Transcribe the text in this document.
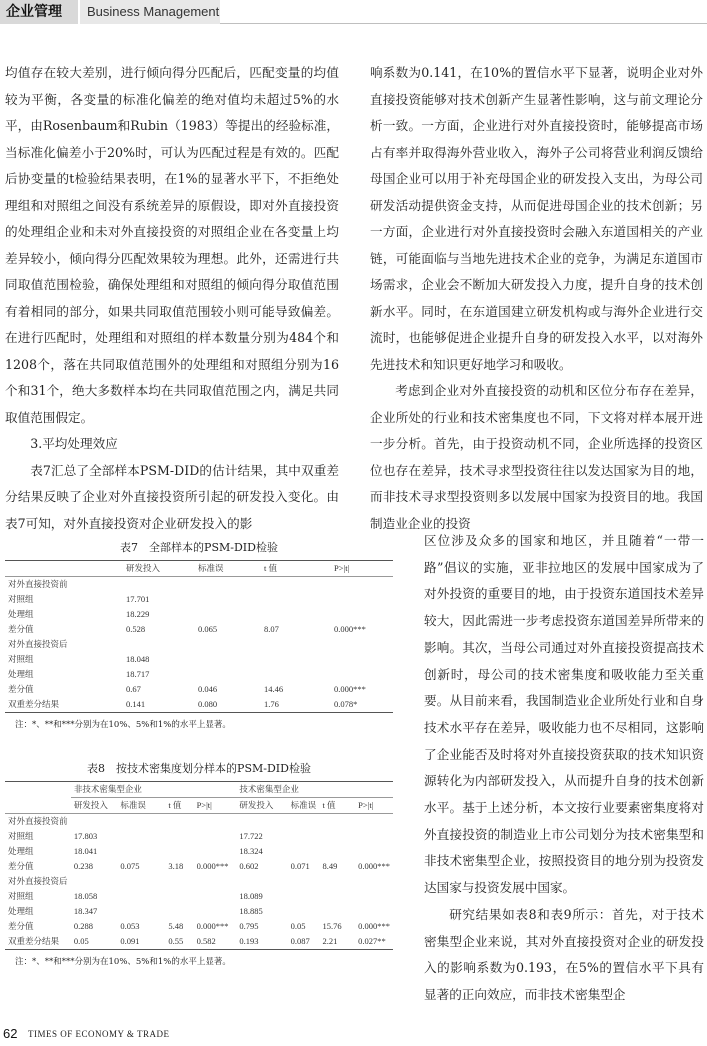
企业管理	Business Management

均值存在较大差别，进行倾向得分匹配后，匹配变量的均值较为平衡，各变量的标准化偏差的绝对值均未超过5%的水平，由Rosenbaum和Rubin（1983）等提出的经验标准，当标准化偏差小于20%时，可认为匹配过程是有效的。匹配后协变量的t检验结果表明，在1%的显著水平下，不拒绝处理组和对照组之间没有系统差异的原假设，即对外直接投资的处理组企业和未对外直接投资的对照组企业在各变量上均差异较小，倾向得分匹配效果较为理想。此外，还需进行共同取值范围检验，确保处理组和对照组的倾向得分取值范围有着相同的部分，如果共同取值范围较小则可能导致偏差。在进行匹配时，处理组和对照组的样本数量分别为484个和1208个，落在共同取值范围外的处理组和对照组分别为16个和31个，绝大多数样本均在共同取值范围之内，满足共同取值范围假定。

3.平均处理效应

表7汇总了全部样本PSM-DID的估计结果，其中双重差分结果反映了企业对外直接投资所引起的研发投入变化。由表7可知，对外直接投资对企业研发投入的影

响系数为0.141，在10%的置信水平下显著，说明企业对外直接投资能够对技术创新产生显著性影响，这与前文理论分析一致。一方面，企业进行对外直接投资时，能够提高市场占有率并取得海外营业收入，海外子公司将营业利润反馈给母国企业可以用于补充母国企业的研发投入支出，为母公司研发活动提供资金支持，从而促进母国企业的技术创新；另一方面，企业进行对外直接投资时会融入东道国相关的产业链，可能面临与当地先进技术企业的竞争，为满足东道国市场需求，企业会不断加大研发投入力度，提升自身的技术创新水平。同时，在东道国建立研发机构或与海外企业进行交流时，也能够促进企业提升自身的研发投入水平，以对海外先进技术和知识更好地学习和吸收。

考虑到企业对外直接投资的动机和区位分布存在差异，企业所处的行业和技术密集度也不同，下文将对样本展开进一步分析。首先，由于投资动机不同，企业所选择的投资区位也存在差异，技术寻求型投资往往以发达国家为目的地，而非技术寻求型投资则多以发展中国家为投资目的地。我国制造业企业的投资

区位涉及众多的国家和地区，并且随着“一带一路”倡议的实施，亚非拉地区的发展中国家成为了对外投资的重要目的地，由于投资东道国技术差异较大，因此需进一步考虑投资东道国差异所带来的影响。其次，当母公司通过对外直接投资提高技术创新时，母公司的技术密集度和吸收能力至关重要。从目前来看，我国制造业企业所处行业和自身技术水平存在差异，吸收能力也不尽相同，这影响了企业能否及时将对外直接投资获取的技术知识资源转化为内部研发投入，从而提升自身的技术创新水平。基于上述分析，本文按行业要素密集度将对外直接投资的制造业上市公司划分为技术密集型和非技术密集型企业，按照投资目的地分别为投资发达国家与投资发展中国家。

研究结果如表8和表9所示：首先，对于技术密集型企业来说，其对外直接投资对企业的研发投入的影响系数为0.193，在5%的置信水平下具有显著的正向效应，而非技术密集型企

表7　全部样本的PSM-DID检验
	研发投入	标准误	t 值	P>|t|
对外直接投资前				
对照组	17.701			
处理组	18.229			
差分值	0.528	0.065	8.07	0.000***
对外直接投资后				
对照组	18.048			
处理组	18.717			
差分值	0.67	0.046	14.46	0.000***
双重差分结果	0.141	0.080	1.76	0.078*
注：*、**和***分别为在10%、5%和1%的水平上显著。
表8　按技术密集度划分样本的PSM-DID检验
	非技术密集型企业				技术密集型企业			
	研发投入	标准误	t 值	P>|t|	研发投入	标准误	t 值	P>|t|
对外直接投资前								
对照组	17.803				17.722			
处理组	18.041				18.324			
差分值	0.238	0.075	3.18	0.000***	0.602	0.071	8.49	0.000***
对外直接投资后								
对照组	18.058				18.089			
处理组	18.347				18.885			
差分值	0.288	0.053	5.48	0.000***	0.795	0.05	15.76	0.000***
双重差分结果	0.05	0.091	0.55	0.582	0.193	0.087	2.21	0.027**
注：*、**和***分别为在10%、5%和1%的水平上显著。
62 TIMES OF ECONOMY & TRADE
